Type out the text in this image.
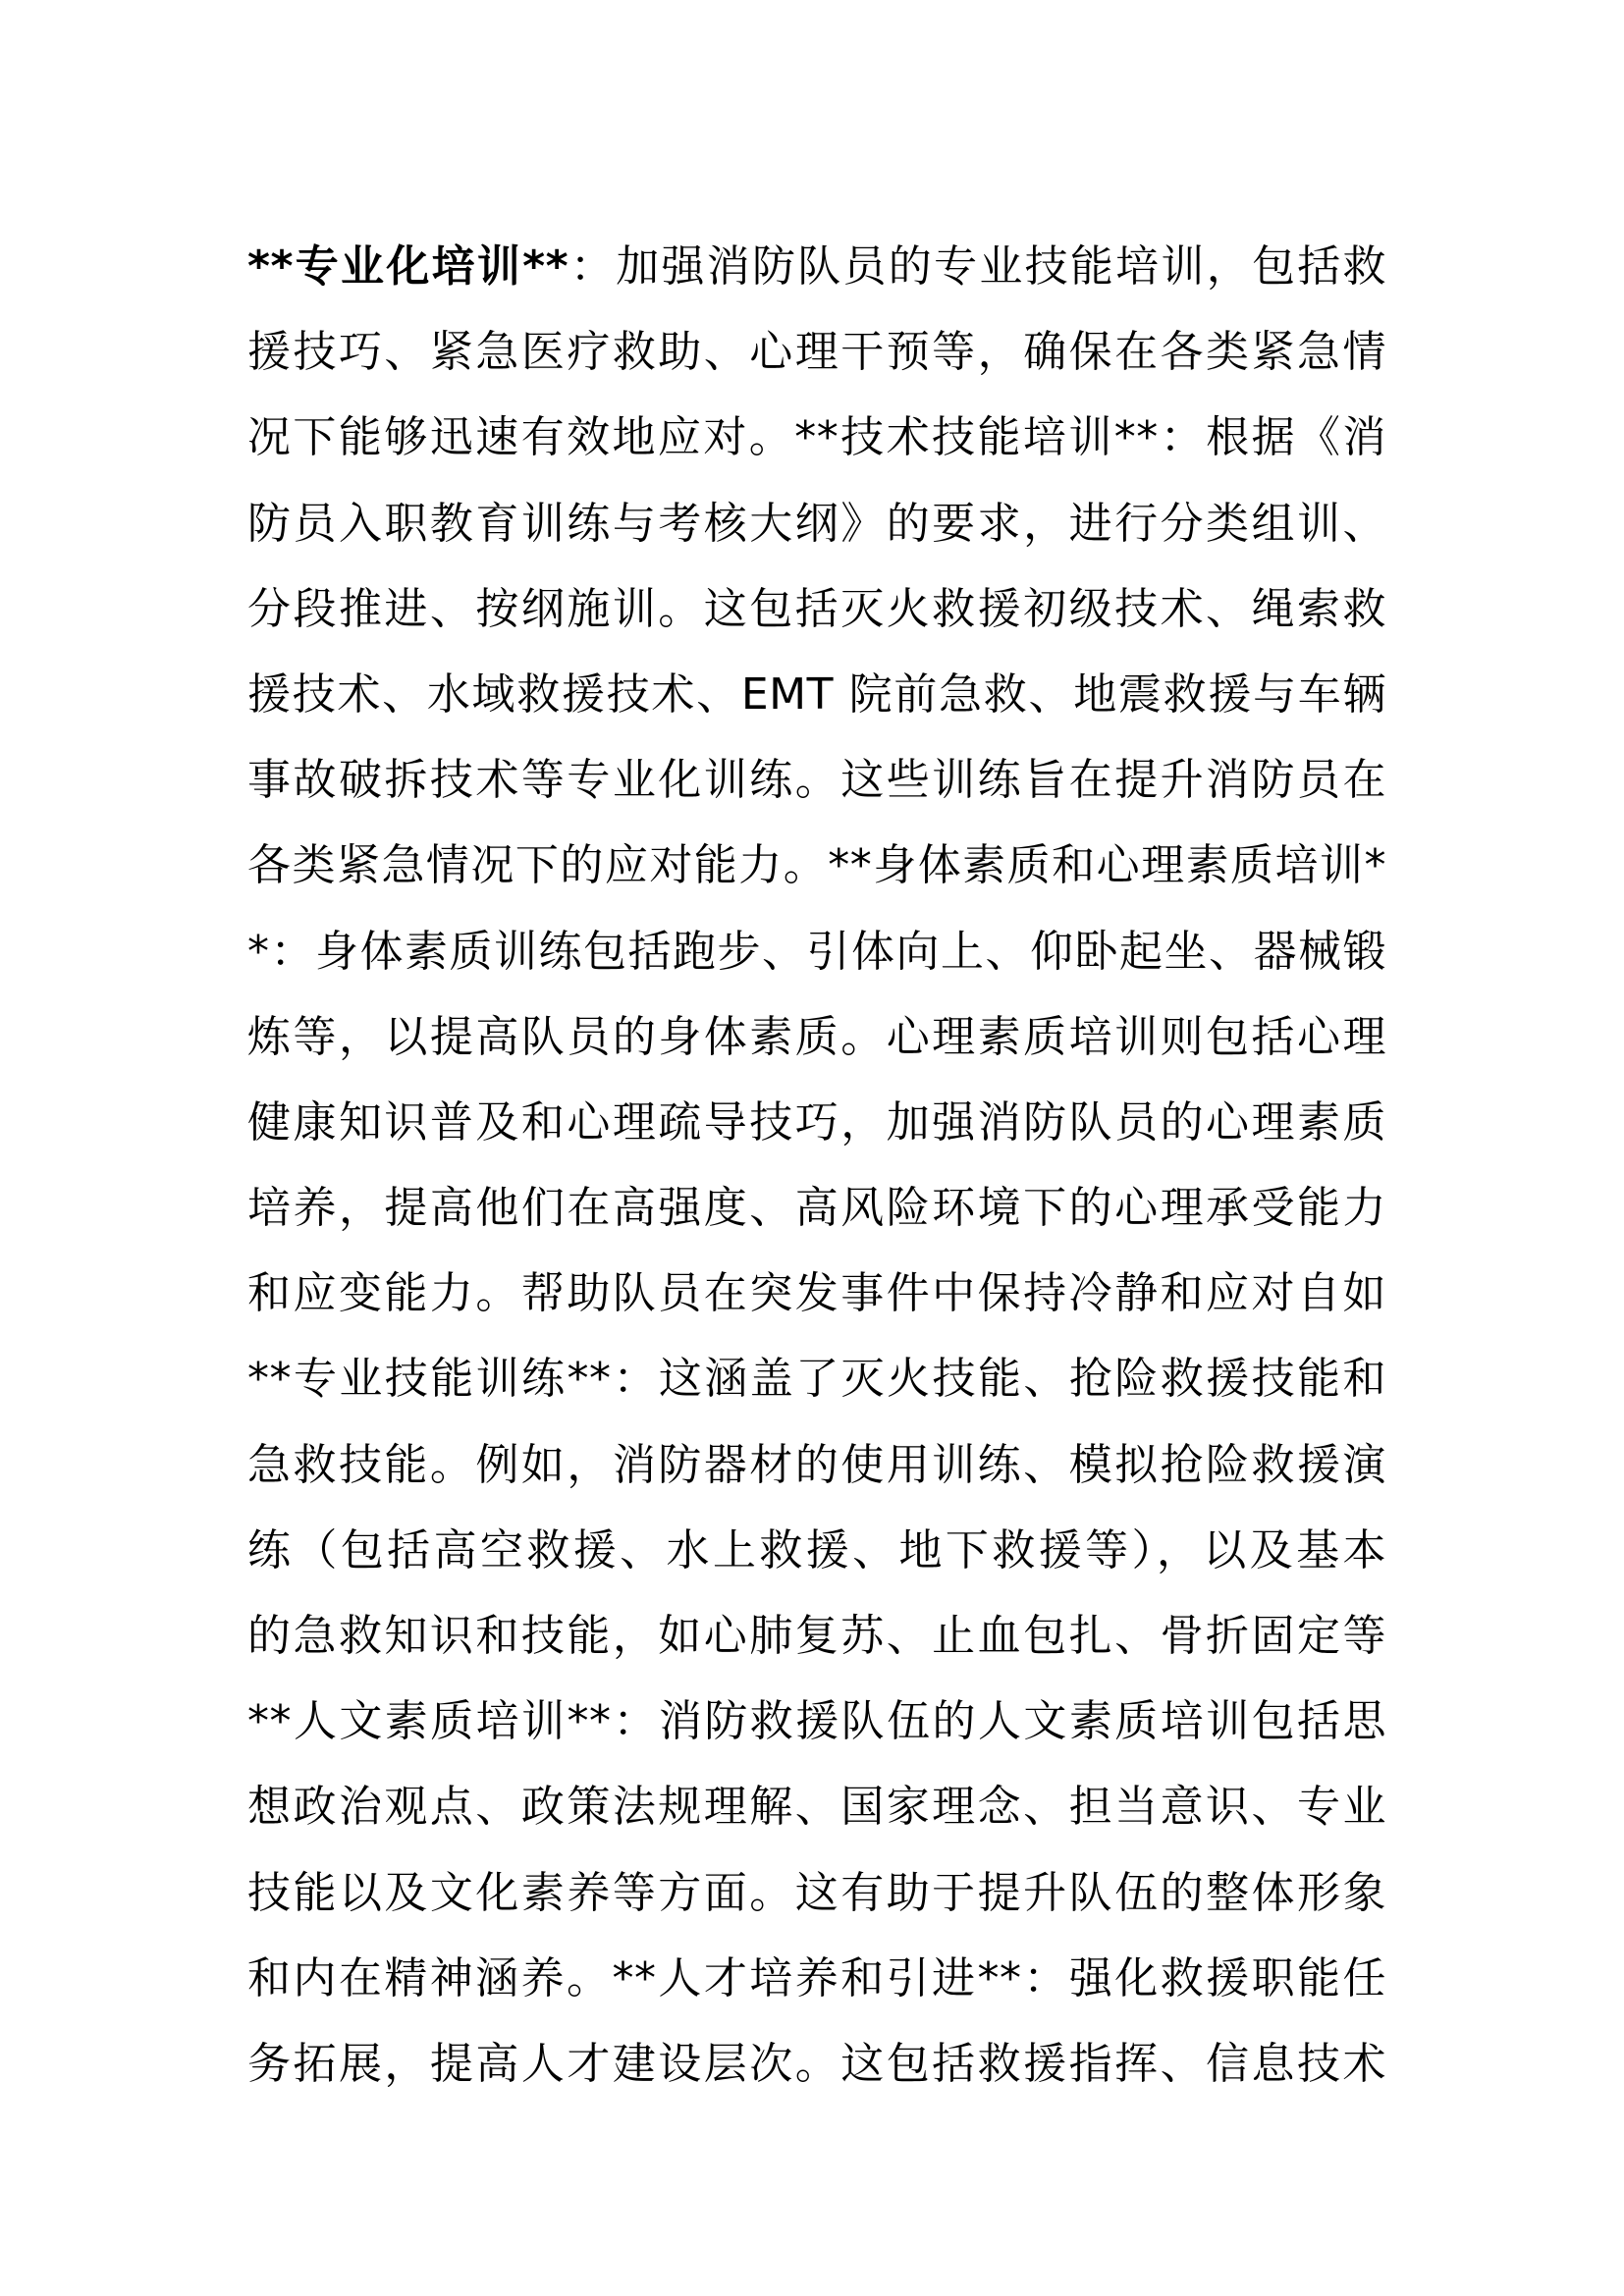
**专业化培训**：加强消防队员的专业技能培训，包括救
援技巧、紧急医疗救助、心理干预等，确保在各类紧急情
况下能够迅速有效地应对。**技术技能培训**：根据《消
防员入职教育训练与考核大纲》的要求，进行分类组训、
分段推进、按纲施训。这包括灭火救援初级技术、绳索救
援技术、水域救援技术、EMT 院前急救、地震救援与车辆
事故破拆技术等专业化训练。这些训练旨在提升消防员在
各类紧急情况下的应对能力。**身体素质和心理素质培训*
*：身体素质训练包括跑步、引体向上、仰卧起坐、器械锻
炼等，以提高队员的身体素质。心理素质培训则包括心理
健康知识普及和心理疏导技巧，加强消防队员的心理素质
培养，提高他们在高强度、高风险环境下的心理承受能力
和应变能力。帮助队员在突发事件中保持冷静和应对自如
**专业技能训练**：这涵盖了灭火技能、抢险救援技能和
急救技能。例如，消防器材的使用训练、模拟抢险救援演
练（包括高空救援、水上救援、地下救援等），以及基本
的急救知识和技能，如心肺复苏、止血包扎、骨折固定等
**人文素质培训**：消防救援队伍的人文素质培训包括思
想政治观点、政策法规理解、国家理念、担当意识、专业
技能以及文化素养等方面。这有助于提升队伍的整体形象
和内在精神涵养。**人才培养和引进**：强化救援职能任
务拓展，提高人才建设层次。这包括救援指挥、信息技术
